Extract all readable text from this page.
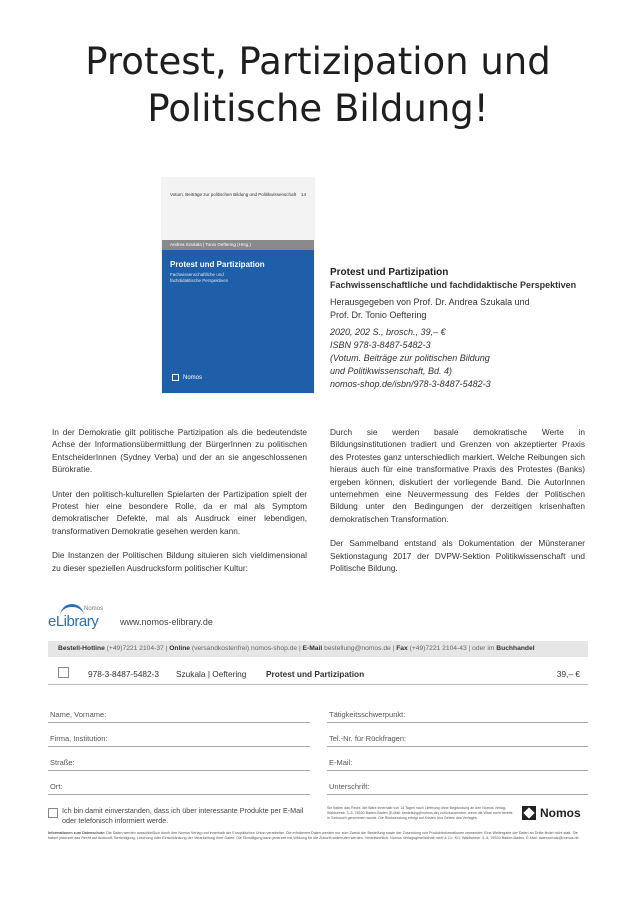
Protest, Partizipation und
Politische Bildung!
Votum. Beiträge zur politischen Bildung und Politikwissenschaft 14
Andrea Szukala | Tonio Oeftering (Hrsg.)
Protest und Partizipation
Fachwissenschaftliche und fachdidaktische Perspektiven
Nomos
Protest und Partizipation
Fachwissenschaftliche und fachdidaktische Perspektiven
Herausgegeben von Prof. Dr. Andrea Szukala und
Prof. Dr. Tonio Oeftering
2020, 202 S., brosch., 39,– €
ISBN 978-3-8487-5482-3
(Votum. Beiträge zur politischen Bildung
und Politikwissenschaft, Bd. 4)
nomos-shop.de/isbn/978-3-8487-5482-3

In der Demokratie gilt politische Partizipation als die bedeutendste Achse der Informationsübermittlung der BürgerInnen zu politischen EntscheiderInnen (Sydney Verba) und der an sie angeschlossenen Bürokratie.

Unter den politisch-kulturellen Spielarten der Partizipation spielt der Protest hier eine besondere Rolle, da er mal als Symptom demokratischer Defekte, mal als Ausdruck einer lebendigen, transformativen Demokratie gesehen werden kann.

Die Instanzen der Politischen Bildung situieren sich vieldimensional zu dieser speziellen Ausdrucksform politischer Kultur:

Durch sie werden basale demokratische Werte in Bildungsinstitutionen tradiert und Grenzen von akzeptierter Praxis des Protestes ganz unterschiedlich markiert. Welche Reibungen sich hieraus auch für eine transformative Praxis des Protestes (Banks) ergeben können, diskutiert der vorliegende Band. Die AutorInnen unternehmen eine Neuvermessung des Feldes der Politischen Bildung unter den Bedingungen der derzeitigen krisenhaften demokratischen Transformation.

Der Sammelband entstand als Dokumentation der Münsteraner Sektionstagung 2017 der DVPW-Sektion Politikwissenschaft und Politische Bildung.

Nomos
eLibrary www.nomos-elibrary.de
Bestell-Hotline (+49)7221 2104-37 | Online (versandkostenfrei) nomos-shop.de | E-Mail bestellung@nomos.de | Fax (+49)7221 2104-43 | oder im Buchhandel
978-3-8487-5482-3 Szukala | Oeftering Protest und Partizipation	39,– €
Name, Vorname:	Tätigkeitsschwerpunkt:
Firma, Institution:	Tel.-Nr. für Rückfragen:
Straße:	E-Mail:
Ort:	Unterschrift:
Ich bin damit einverstanden, dass ich über interessante Produkte per E-Mail oder telefonisch informiert werde.
Sie haben das Recht, die Ware innerhalb von 14 Tagen nach Lieferung ohne Begründung an den Nomos Verlag, Waldseestr. 3–5, 76530 Baden-Baden (E-Mail: bestellung@nomos.de) zurückzusenden, wenn die Ware nicht bereits in Gebrauch genommen wurde. Die Rücksendung erfolgt auf Kosten und Gefahr des Verlages.	Nomos
Informationen zum Datenschutz: Die Daten werden ausschließlich durch den Nomos Verlag und innerhalb der Europäischen Union verarbeitet. Die erhobenen Daten werden nur zum Zweck der Bestellung sowie der Zusendung von Produktinformationen verwendet. Eine Weitergabe der Daten an Dritte findet nicht statt. Sie haben jederzeit das Recht auf Auskunft, Berichtigung, Löschung oder Einschränkung der Verarbeitung Ihrer Daten. Die Einwilligung kann jederzeit mit Wirkung für die Zukunft widerrufen werden. Verantwortlich: Nomos Verlagsgesellschaft mbH & Co. KG, Waldseestr. 3–5, 76530 Baden-Baden, E-Mail: datenschutz@nomos.de.
